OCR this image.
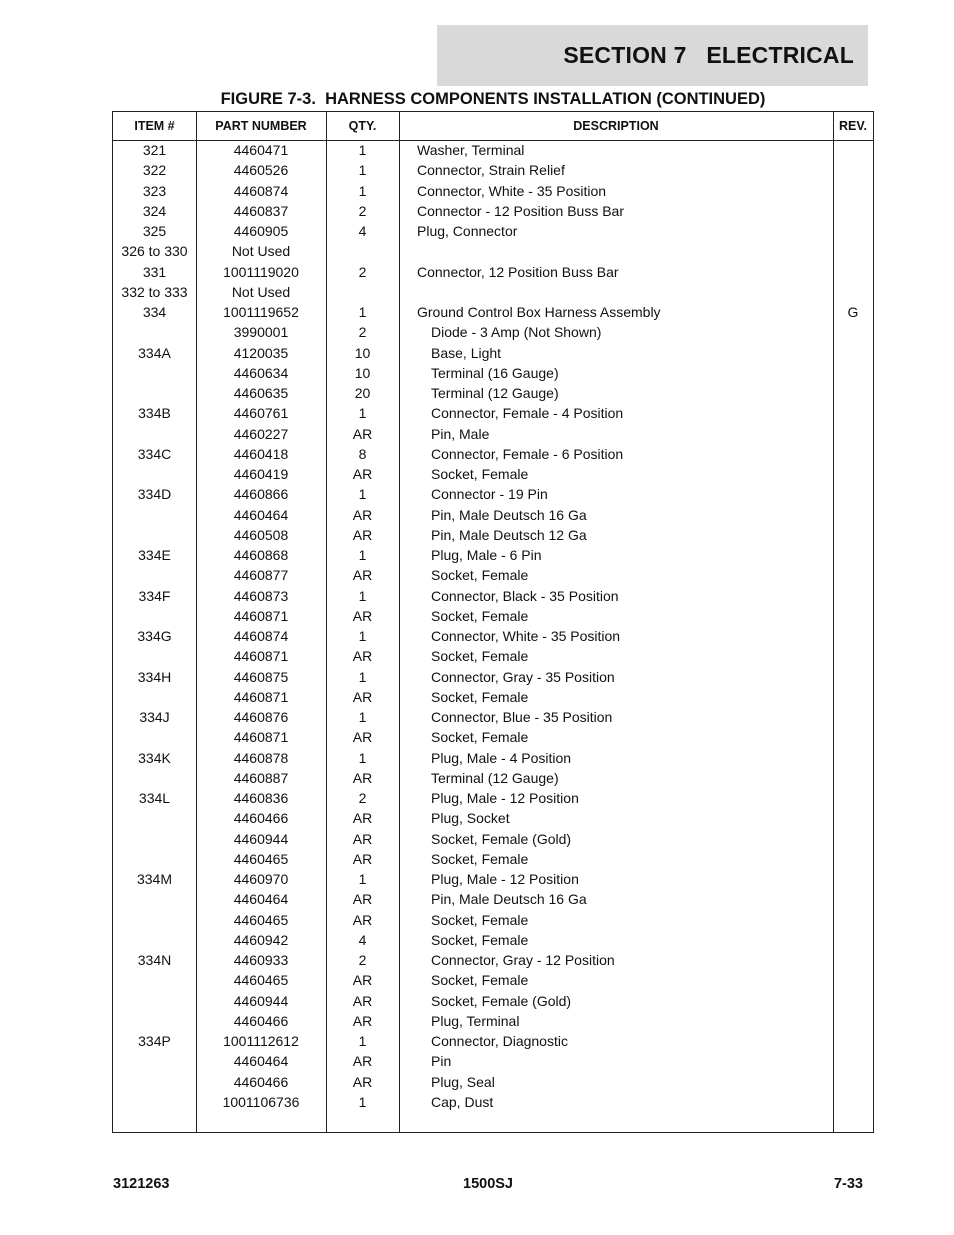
SECTION 7   ELECTRICAL
FIGURE 7-3.  HARNESS COMPONENTS INSTALLATION (CONTINUED)
ITEM #	PART NUMBER	QTY.	DESCRIPTION	REV.
321	4460471	1	Washer, Terminal
322	4460526	1	Connector, Strain Relief
323	4460874	1	Connector, White - 35 Position
324	4460837	2	Connector - 12 Position Buss Bar
325	4460905	4	Plug, Connector
326 to 330	Not Used
331	1001119020	2	Connector, 12 Position Buss Bar
332 to 333	Not Used
334	1001119652	1	Ground Control Box Harness Assembly	G
3990001	2	Diode - 3 Amp (Not Shown)
334A	4120035	10	Base, Light
4460634	10	Terminal (16 Gauge)
4460635	20	Terminal (12 Gauge)
334B	4460761	1	Connector, Female - 4 Position
4460227	AR	Pin, Male
334C	4460418	8	Connector, Female - 6 Position
4460419	AR	Socket, Female
334D	4460866	1	Connector - 19 Pin
4460464	AR	Pin, Male Deutsch 16 Ga
4460508	AR	Pin, Male Deutsch 12 Ga
334E	4460868	1	Plug, Male - 6 Pin
4460877	AR	Socket, Female
334F	4460873	1	Connector, Black - 35 Position
4460871	AR	Socket, Female
334G	4460874	1	Connector, White - 35 Position
4460871	AR	Socket, Female
334H	4460875	1	Connector, Gray - 35 Position
4460871	AR	Socket, Female
334J	4460876	1	Connector, Blue - 35 Position
4460871	AR	Socket, Female
334K	4460878	1	Plug, Male - 4 Position
4460887	AR	Terminal (12 Gauge)
334L	4460836	2	Plug, Male - 12 Position
4460466	AR	Plug, Socket
4460944	AR	Socket, Female (Gold)
4460465	AR	Socket, Female
334M	4460970	1	Plug, Male - 12 Position
4460464	AR	Pin, Male Deutsch 16 Ga
4460465	AR	Socket, Female
4460942	4	Socket, Female
334N	4460933	2	Connector, Gray - 12 Position
4460465	AR	Socket, Female
4460944	AR	Socket, Female (Gold)
4460466	AR	Plug, Terminal
334P	1001112612	1	Connector, Diagnostic
4460464	AR	Pin
4460466	AR	Plug, Seal
1001106736	1	Cap, Dust
3121263	1500SJ	7-33
